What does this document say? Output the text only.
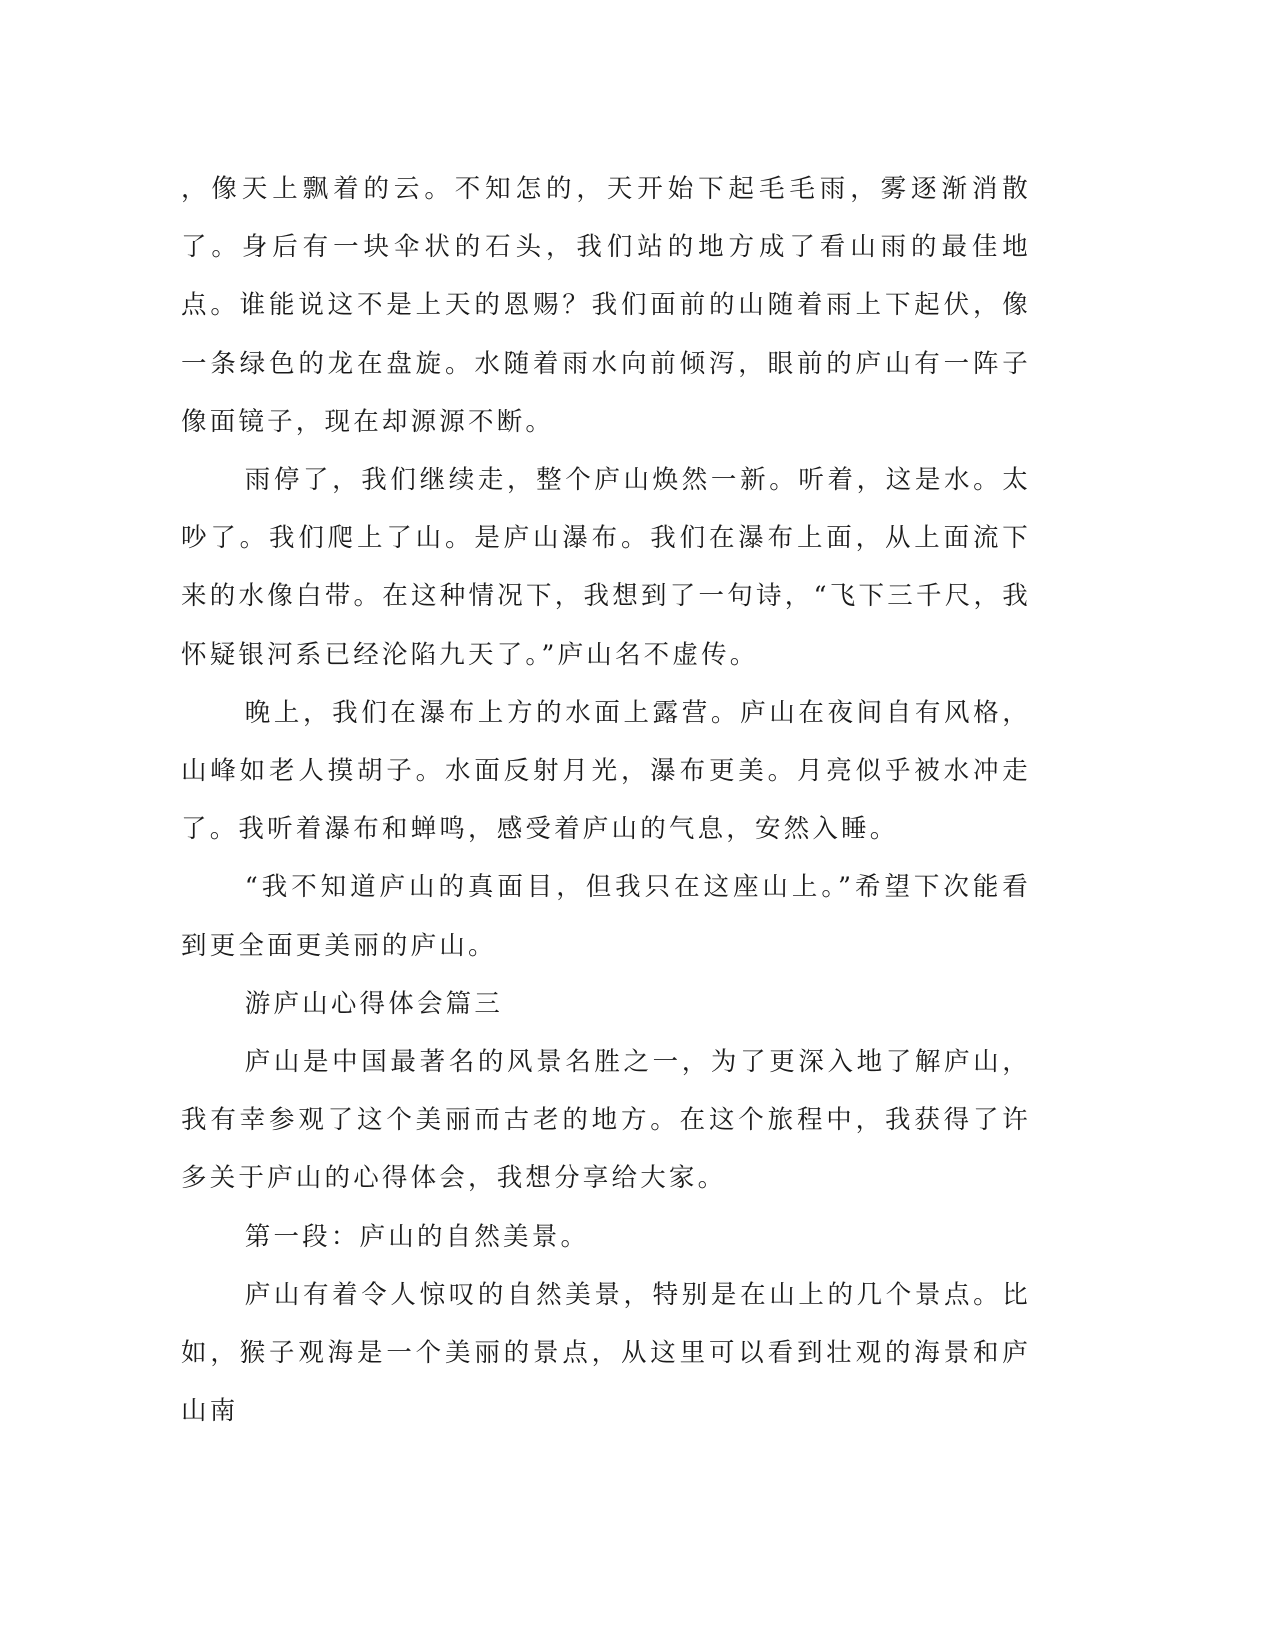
，像天上飘着的云。不知怎的，天开始下起毛毛雨，雾逐渐消散了。身后有一块伞状的石头，我们站的地方成了看山雨的最佳地点。谁能说这不是上天的恩赐？我们面前的山随着雨上下起伏，像一条绿色的龙在盘旋。水随着雨水向前倾泻，眼前的庐山有一阵子像面镜子，现在却源源不断。

雨停了，我们继续走，整个庐山焕然一新。听着，这是水。太吵了。我们爬上了山。是庐山瀑布。我们在瀑布上面，从上面流下来的水像白带。在这种情况下，我想到了一句诗，“飞下三千尺，我怀疑银河系已经沦陷九天了。”庐山名不虚传。

晚上，我们在瀑布上方的水面上露营。庐山在夜间自有风格，山峰如老人摸胡子。水面反射月光，瀑布更美。月亮似乎被水冲走了。我听着瀑布和蝉鸣，感受着庐山的气息，安然入睡。

“我不知道庐山的真面目，但我只在这座山上。”希望下次能看到更全面更美丽的庐山。

游庐山心得体会篇三

庐山是中国最著名的风景名胜之一，为了更深入地了解庐山，我有幸参观了这个美丽而古老的地方。在这个旅程中，我获得了许多关于庐山的心得体会，我想分享给大家。

第一段：庐山的自然美景。

庐山有着令人惊叹的自然美景，特别是在山上的几个景点。比如，猴子观海是一个美丽的景点，从这里可以看到壮观的海景和庐山南
